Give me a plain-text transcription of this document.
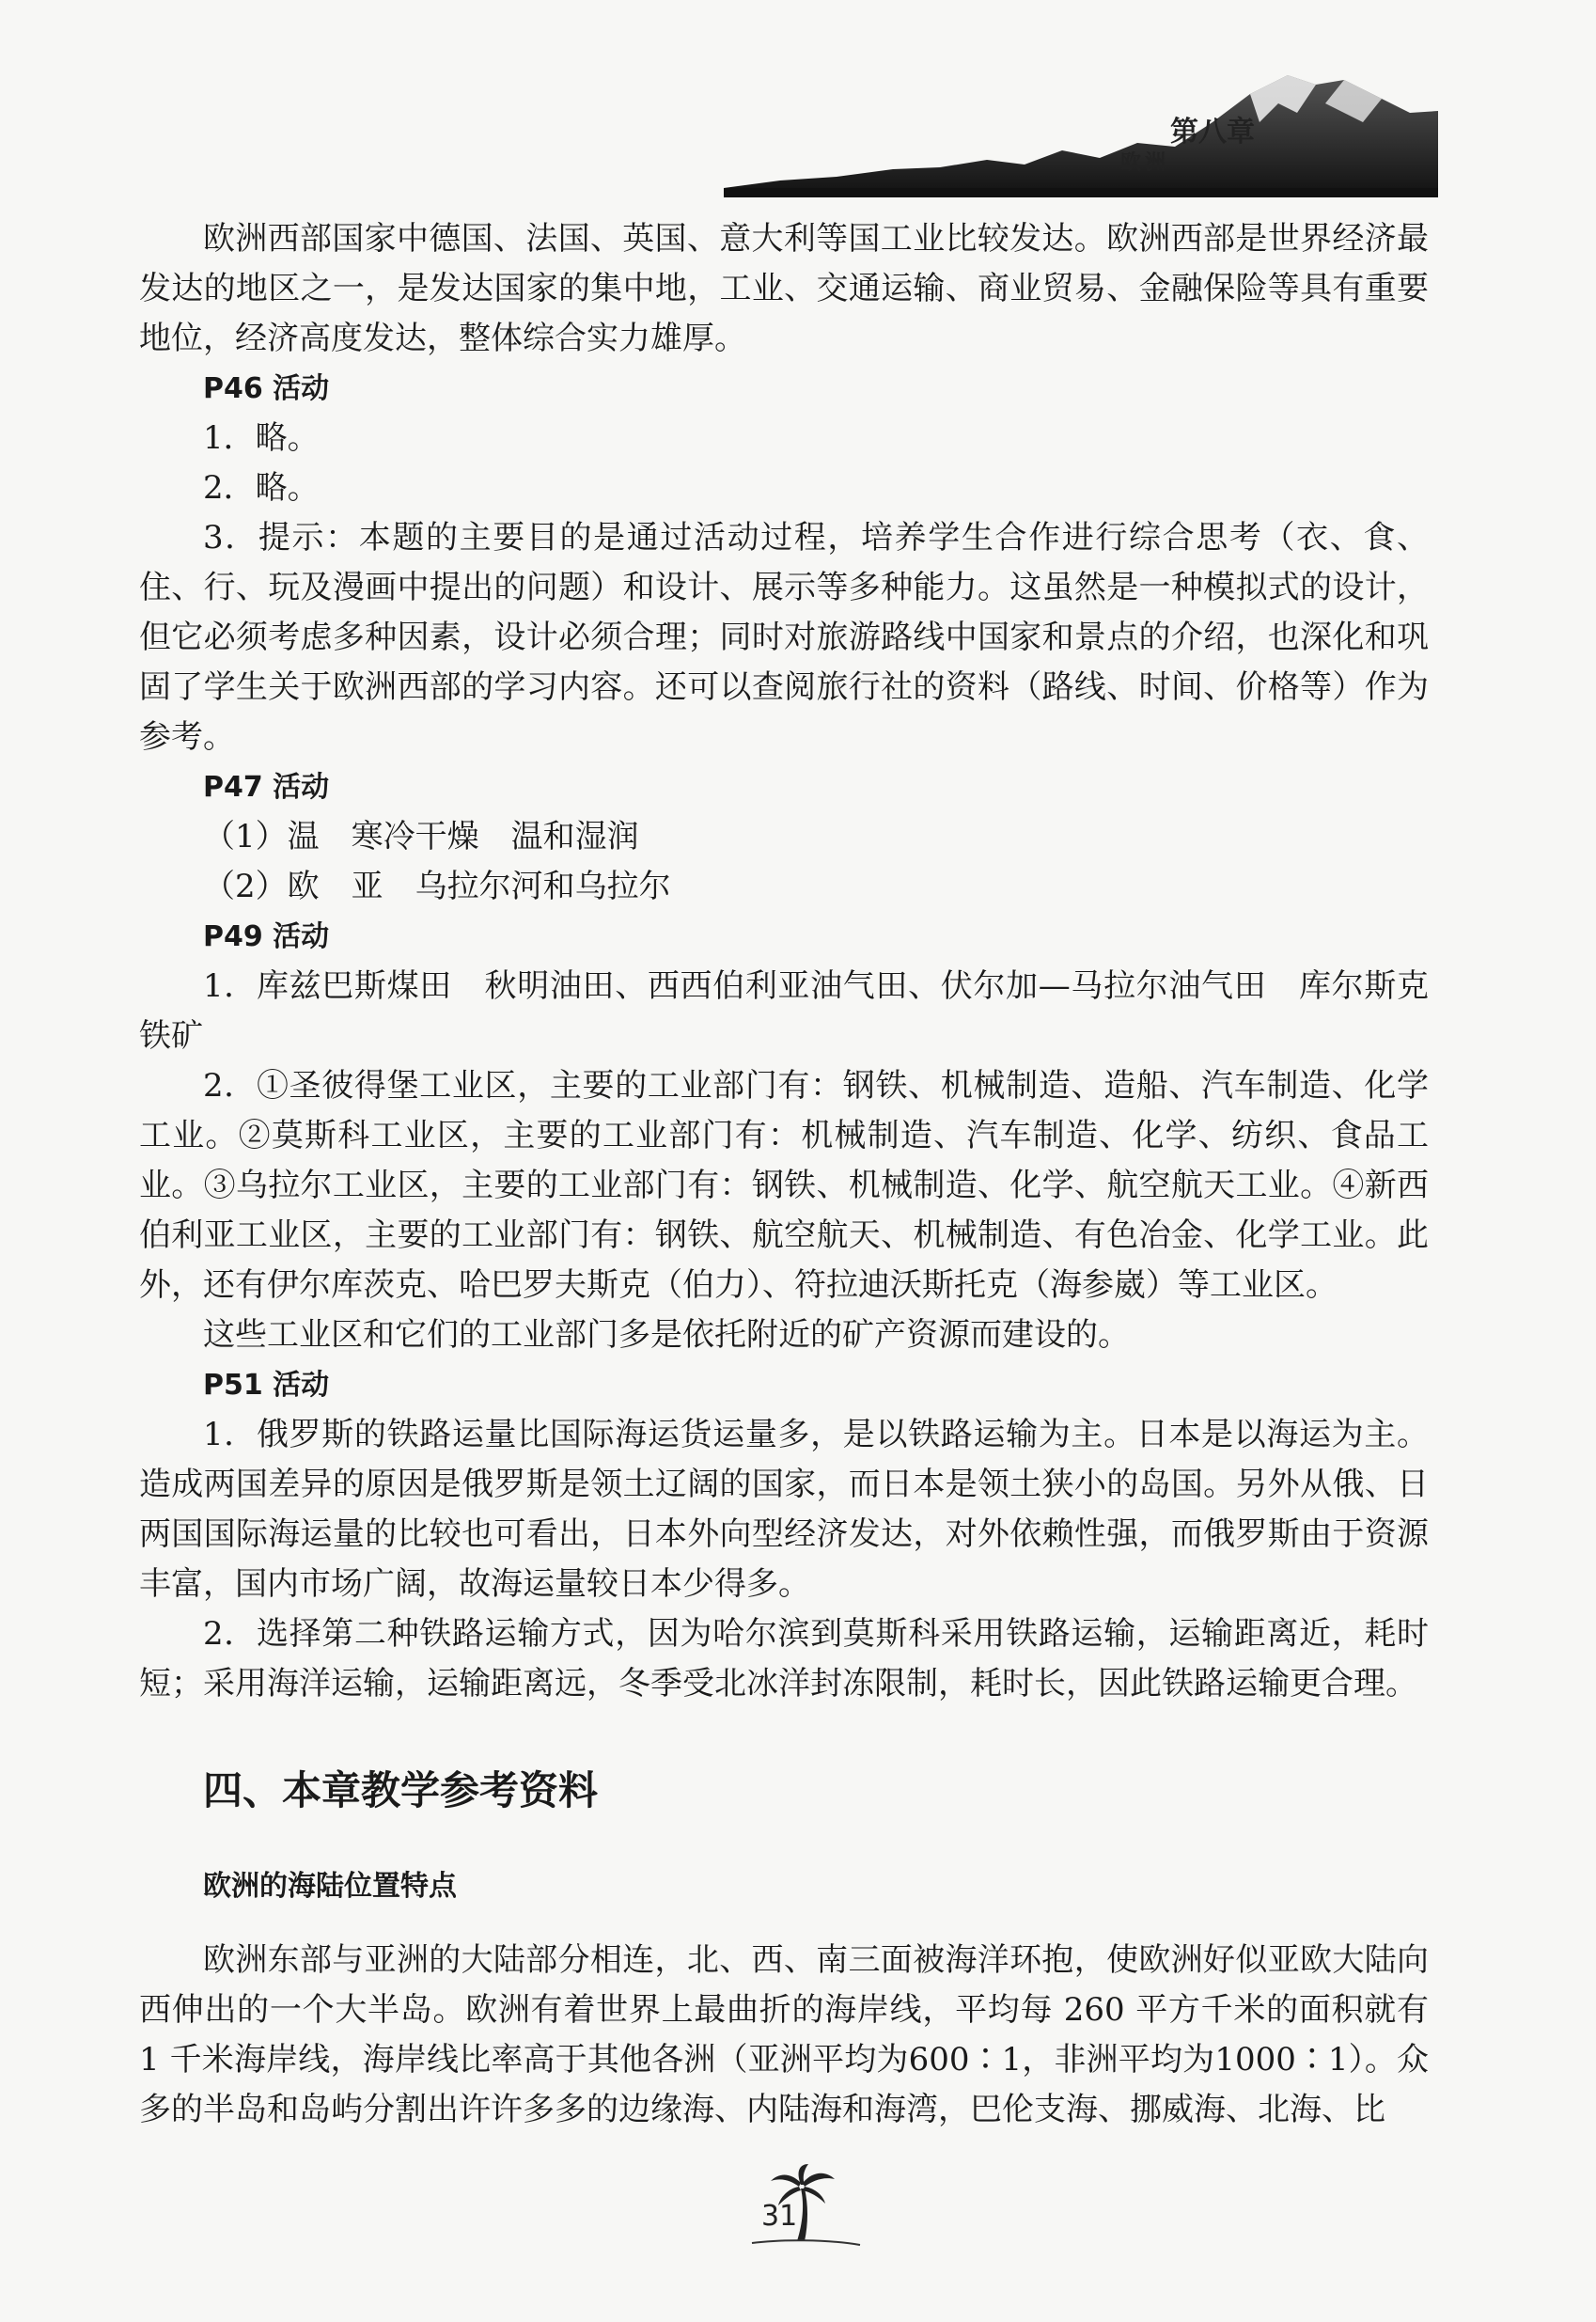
第八章
欧洲

欧洲西部国家中德国、法国、英国、意大利等国工业比较发达。欧洲西部是世界经济最发达的地区之一，是发达国家的集中地，工业、交通运输、商业贸易、金融保险等具有重要地位，经济高度发达，整体综合实力雄厚。

P46 活动

1．略。

2．略。

3．提示：本题的主要目的是通过活动过程，培养学生合作进行综合思考（衣、食、住、行、玩及漫画中提出的问题）和设计、展示等多种能力。这虽然是一种模拟式的设计，但它必须考虑多种因素，设计必须合理；同时对旅游路线中国家和景点的介绍，也深化和巩固了学生关于欧洲西部的学习内容。还可以查阅旅行社的资料（路线、时间、价格等）作为参考。

P47 活动

（1）温　寒冷干燥　温和湿润

（2）欧　亚　乌拉尔河和乌拉尔

P49 活动

1．库兹巴斯煤田　秋明油田、西西伯利亚油气田、伏尔加—马拉尔油气田　库尔斯克铁矿

2．①圣彼得堡工业区，主要的工业部门有：钢铁、机械制造、造船、汽车制造、化学工业。②莫斯科工业区，主要的工业部门有：机械制造、汽车制造、化学、纺织、食品工业。③乌拉尔工业区，主要的工业部门有：钢铁、机械制造、化学、航空航天工业。④新西伯利亚工业区，主要的工业部门有：钢铁、航空航天、机械制造、有色冶金、化学工业。此外，还有伊尔库茨克、哈巴罗夫斯克（伯力）、符拉迪沃斯托克（海参崴）等工业区。

这些工业区和它们的工业部门多是依托附近的矿产资源而建设的。

P51 活动

1．俄罗斯的铁路运量比国际海运货运量多，是以铁路运输为主。日本是以海运为主。造成两国差异的原因是俄罗斯是领土辽阔的国家，而日本是领土狭小的岛国。另外从俄、日两国国际海运量的比较也可看出，日本外向型经济发达，对外依赖性强，而俄罗斯由于资源丰富，国内市场广阔，故海运量较日本少得多。

2．选择第二种铁路运输方式，因为哈尔滨到莫斯科采用铁路运输，运输距离近，耗时短；采用海洋运输，运输距离远，冬季受北冰洋封冻限制，耗时长，因此铁路运输更合理。

四、本章教学参考资料
欧洲的海陆位置特点

欧洲东部与亚洲的大陆部分相连，北、西、南三面被海洋环抱，使欧洲好似亚欧大陆向西伸出的一个大半岛。欧洲有着世界上最曲折的海岸线，平均每 260 平方千米的面积就有 1 千米海岸线，海岸线比率高于其他各洲（亚洲平均为600∶1，非洲平均为1000∶1）。众多的半岛和岛屿分割出许许多多的边缘海、内陆海和海湾，巴伦支海、挪威海、北海、比

31
